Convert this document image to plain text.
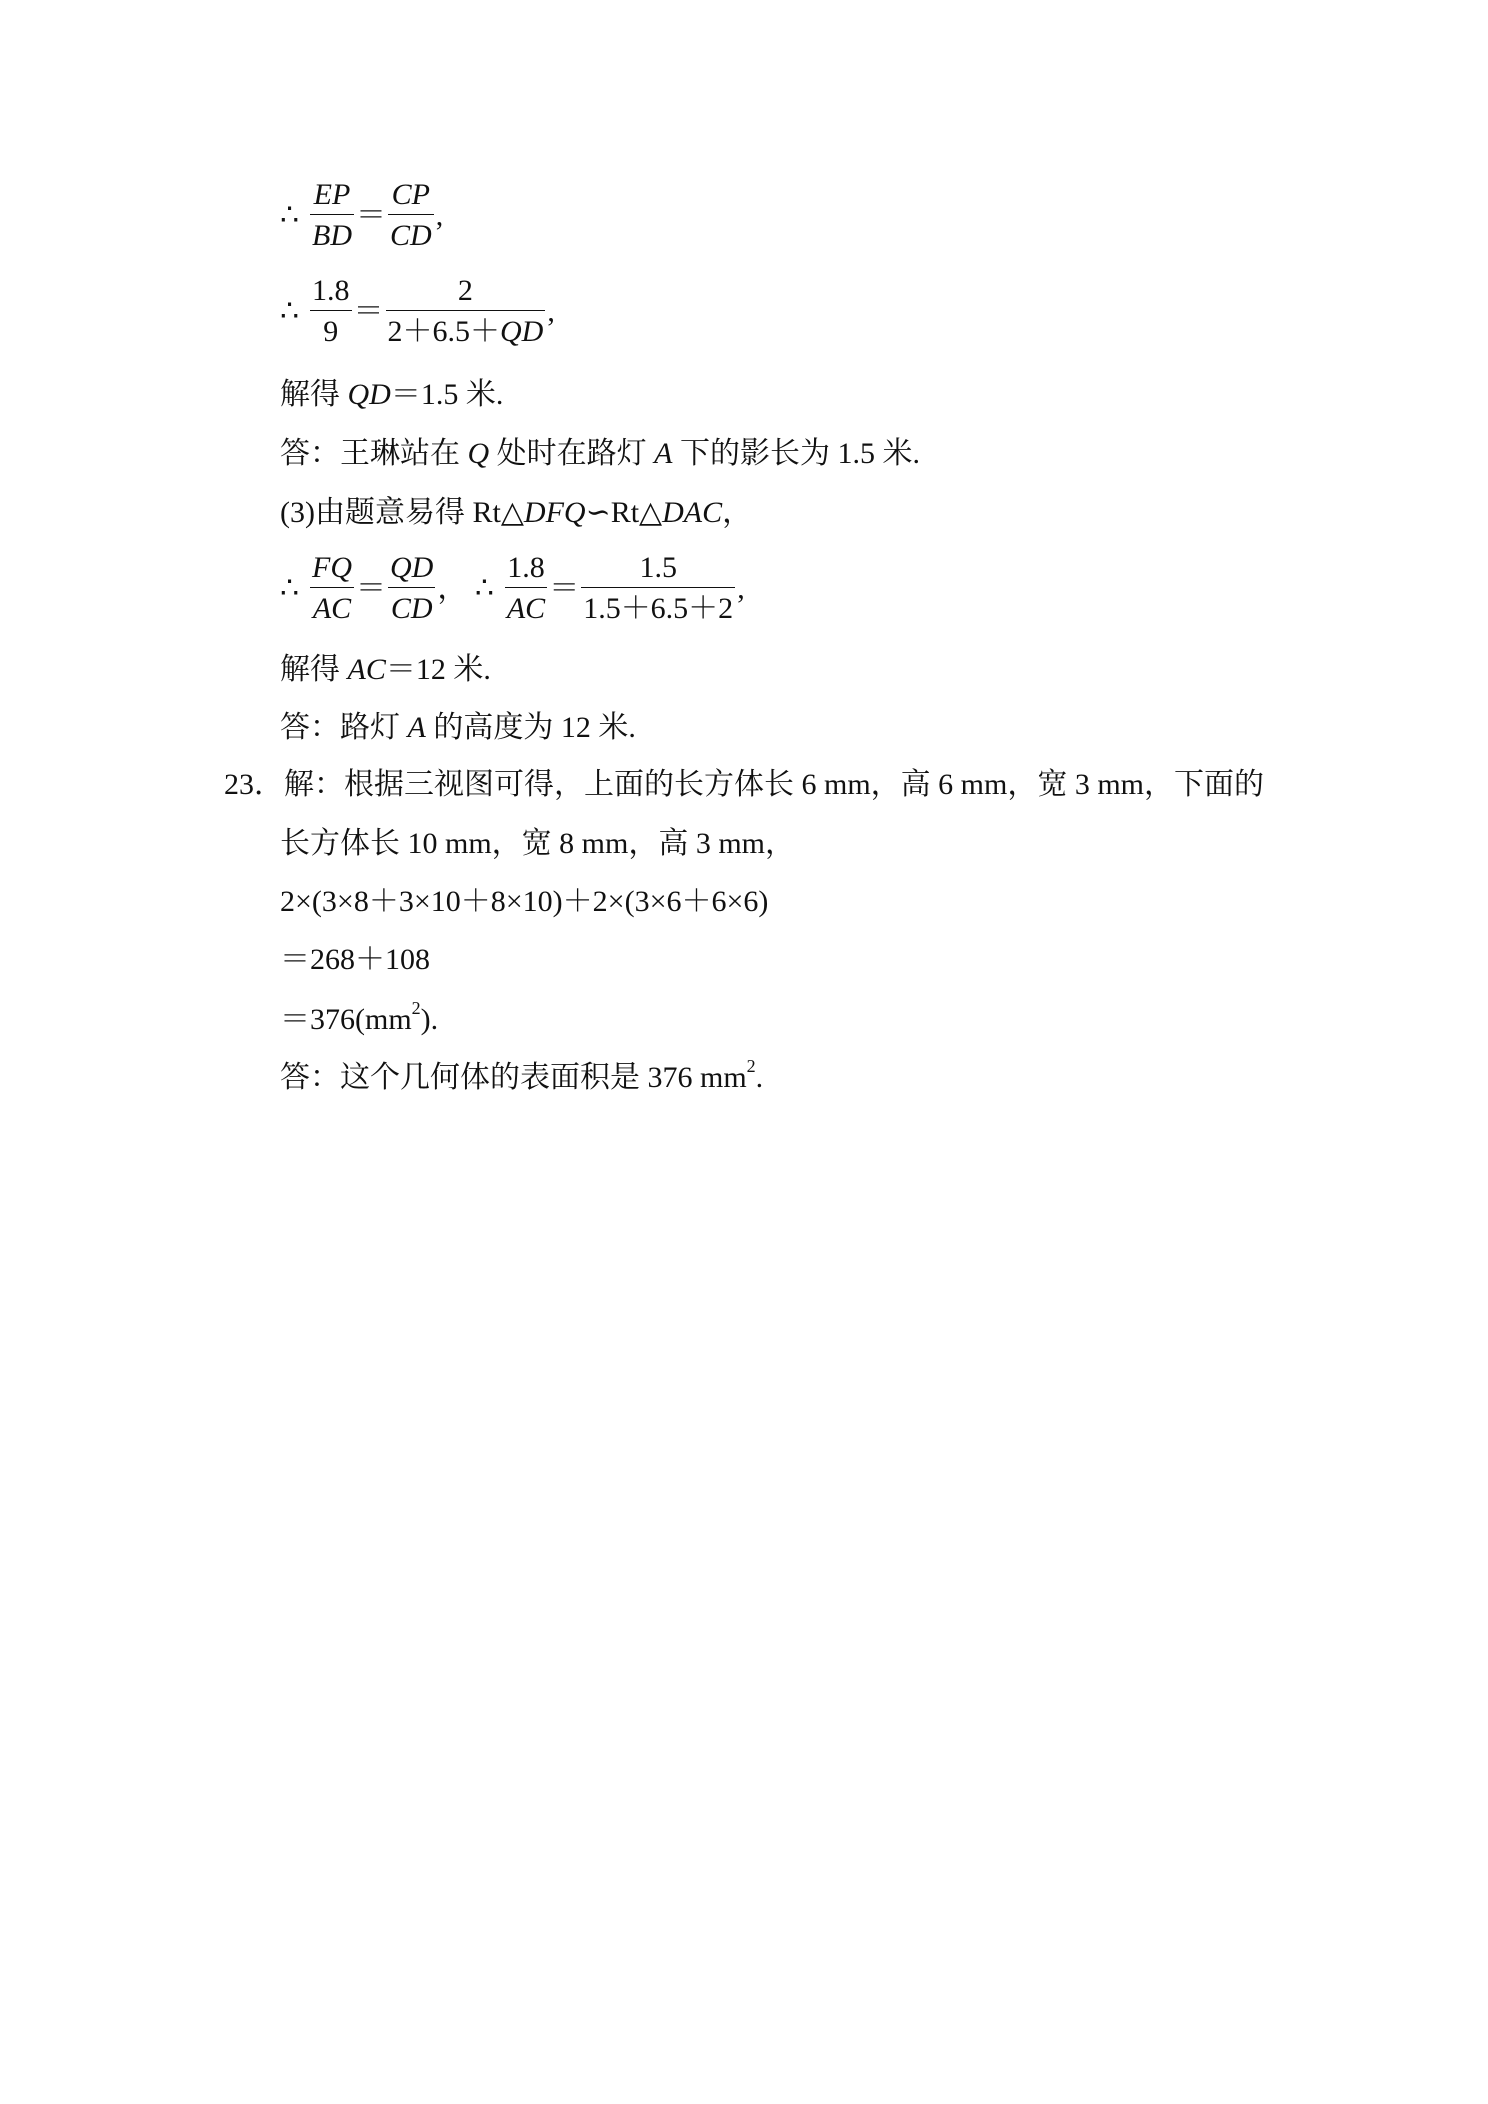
∴ $\frac{EP}{BD} = \frac{CP}{CD}$ ,
∴ $\frac{1.8}{9} = \frac{2}{2+6.5+QD}$ ,
解得 QD＝1.5 米.
答：王琳站在 Q 处时在路灯 A 下的影长为 1.5 米.
(3)由题意易得 Rt△DFQ∽Rt△DAC，
∴ $\frac{FQ}{AC} = \frac{QD}{CD}$ ， ∴ $\frac{1.8}{AC} = \frac{1.5}{1.5+6.5+2}$ ,
解得 AC＝12 米.
答：路灯 A 的高度为 12 米.
23．解：根据三视图可得，上面的长方体长 6 mm，高 6 mm，宽 3 mm，下面的
长方体长 10 mm，宽 8 mm，高 3 mm，
2×(3×8＋3×10＋8×10)＋2×(3×6＋6×6)
＝268＋108
$=376(mm^2)$.
答：这个几何体的表面积是 376 $mm^2$.
